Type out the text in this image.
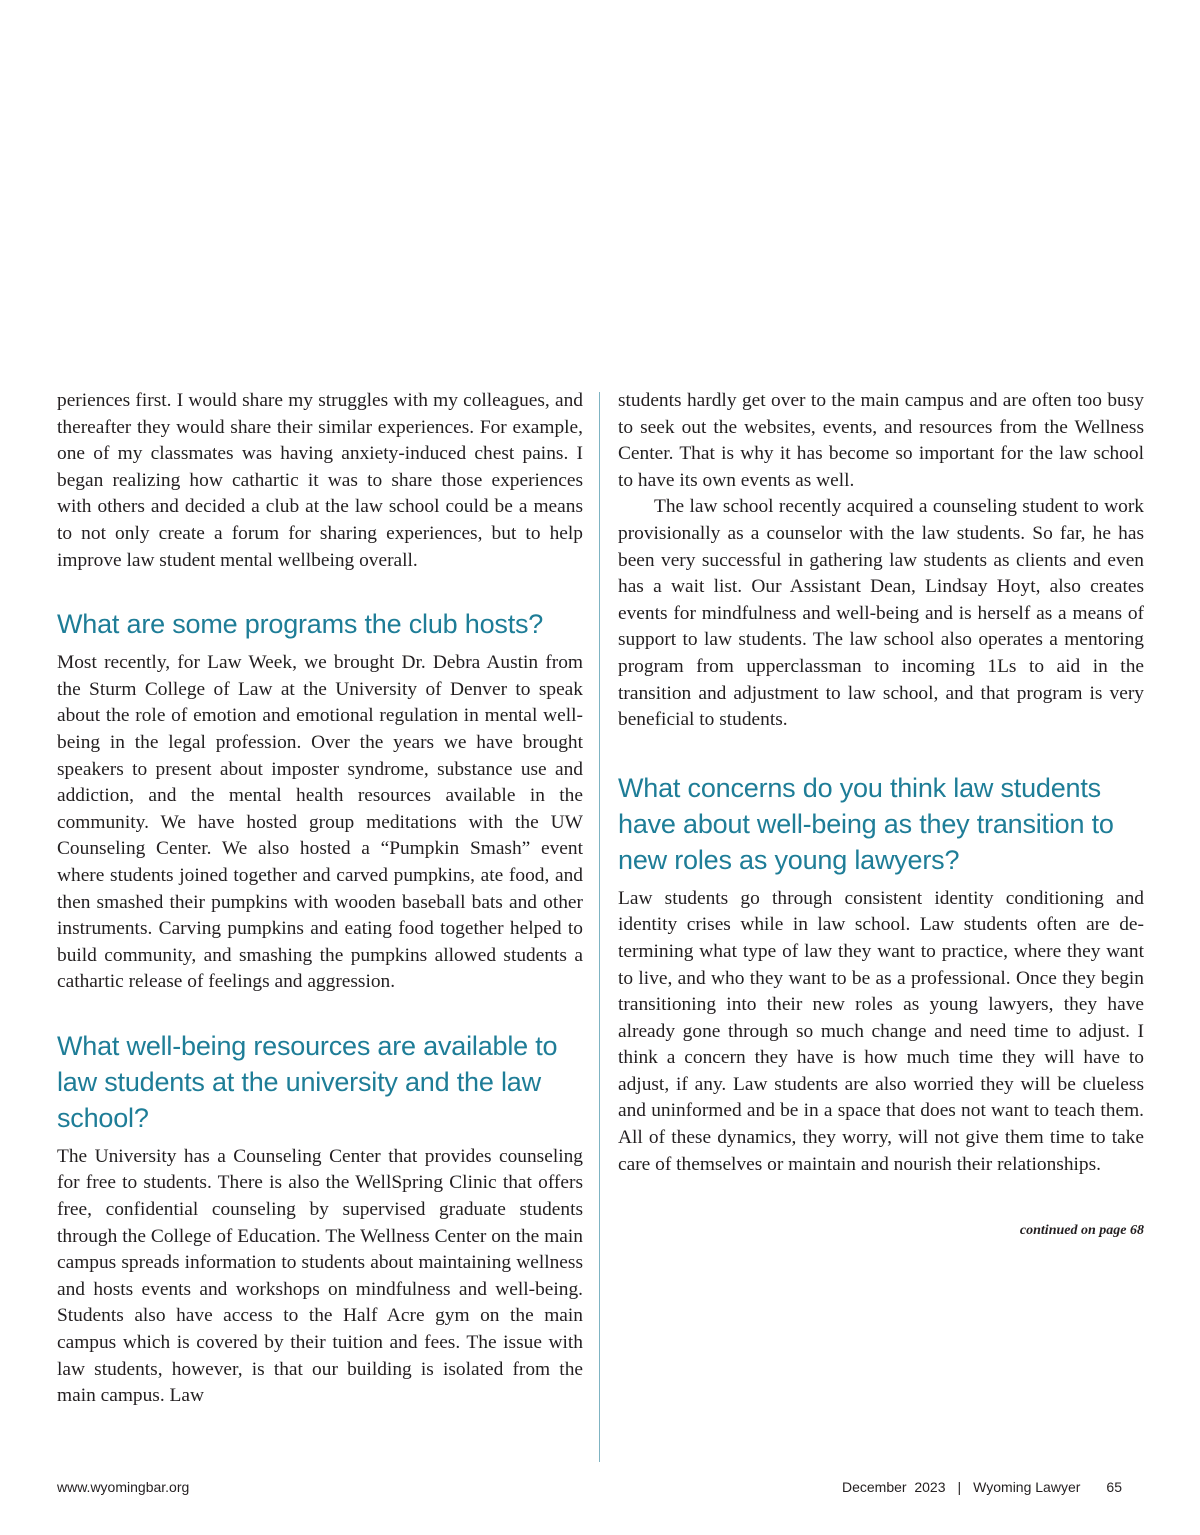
periences first. I would share my struggles with my colleagues, and thereafter they would share their similar experiences. For example, one of my classmates was having anxiety-induced chest pains. I began realizing how cathartic it was to share those experiences with others and decided a club at the law school could be a means to not only create a forum for sharing experiences, but to help improve law student mental wellbeing overall.

What are some programs the club hosts?

Most recently, for Law Week, we brought Dr. Debra Austin from the Sturm College of Law at the University of Denver to speak about the role of emotion and emotional regulation in mental well-being in the legal profession. Over the years we have brought speakers to present about imposter syndrome, substance use and addiction, and the mental health resources available in the community. We have hosted group meditations with the UW Counseling Center. We also hosted a “Pumpkin Smash” event where students joined together and carved pumpkins, ate food, and then smashed their pumpkins with wooden baseball bats and other instruments. Carving pumpkins and eating food together helped to build community, and smashing the pumpkins allowed students a cathartic release of feelings and aggression.

What well-being resources are available to law students at the university and the law school?

The University has a Counseling Center that provides counseling for free to students. There is also the WellSpring Clinic that offers free, confidential counseling by supervised graduate students through the College of Education. The Wellness Center on the main campus spreads information to students about maintaining wellness and hosts events and workshops on mindfulness and well-being. Students also have access to the Half Acre gym on the main campus which is covered by their tuition and fees. The issue with law students, however, is that our building is isolated from the main campus. Law

students hardly get over to the main campus and are often too busy to seek out the websites, events, and resources from the Wellness Center. That is why it has become so important for the law school to have its own events as well.

The law school recently acquired a counseling student to work provisionally as a counselor with the law students. So far, he has been very successful in gathering law students as clients and even has a wait list. Our Assistant Dean, Lindsay Hoyt, also creates events for mindfulness and well-being and is herself as a means of support to law students. The law school also operates a mentoring program from upperclassman to incoming 1Ls to aid in the transition and adjustment to law school, and that program is very beneficial to students.

What concerns do you think law students have about well-being as they transition to new roles as young lawyers?

Law students go through consistent identity conditioning and identity crises while in law school. Law students often are determining what type of law they want to practice, where they want to live, and who they want to be as a professional. Once they begin transitioning into their new roles as young lawyers, they have already gone through so much change and need time to adjust. I think a concern they have is how much time they will have to adjust, if any. Law students are also worried they will be clueless and uninformed and be in a space that does not want to teach them. All of these dynamics, they worry, will not give them time to take care of themselves or maintain and nourish their relationships.

continued on page 68
www.wyomingbar.org	December  2023 | Wyoming Lawyer 65
